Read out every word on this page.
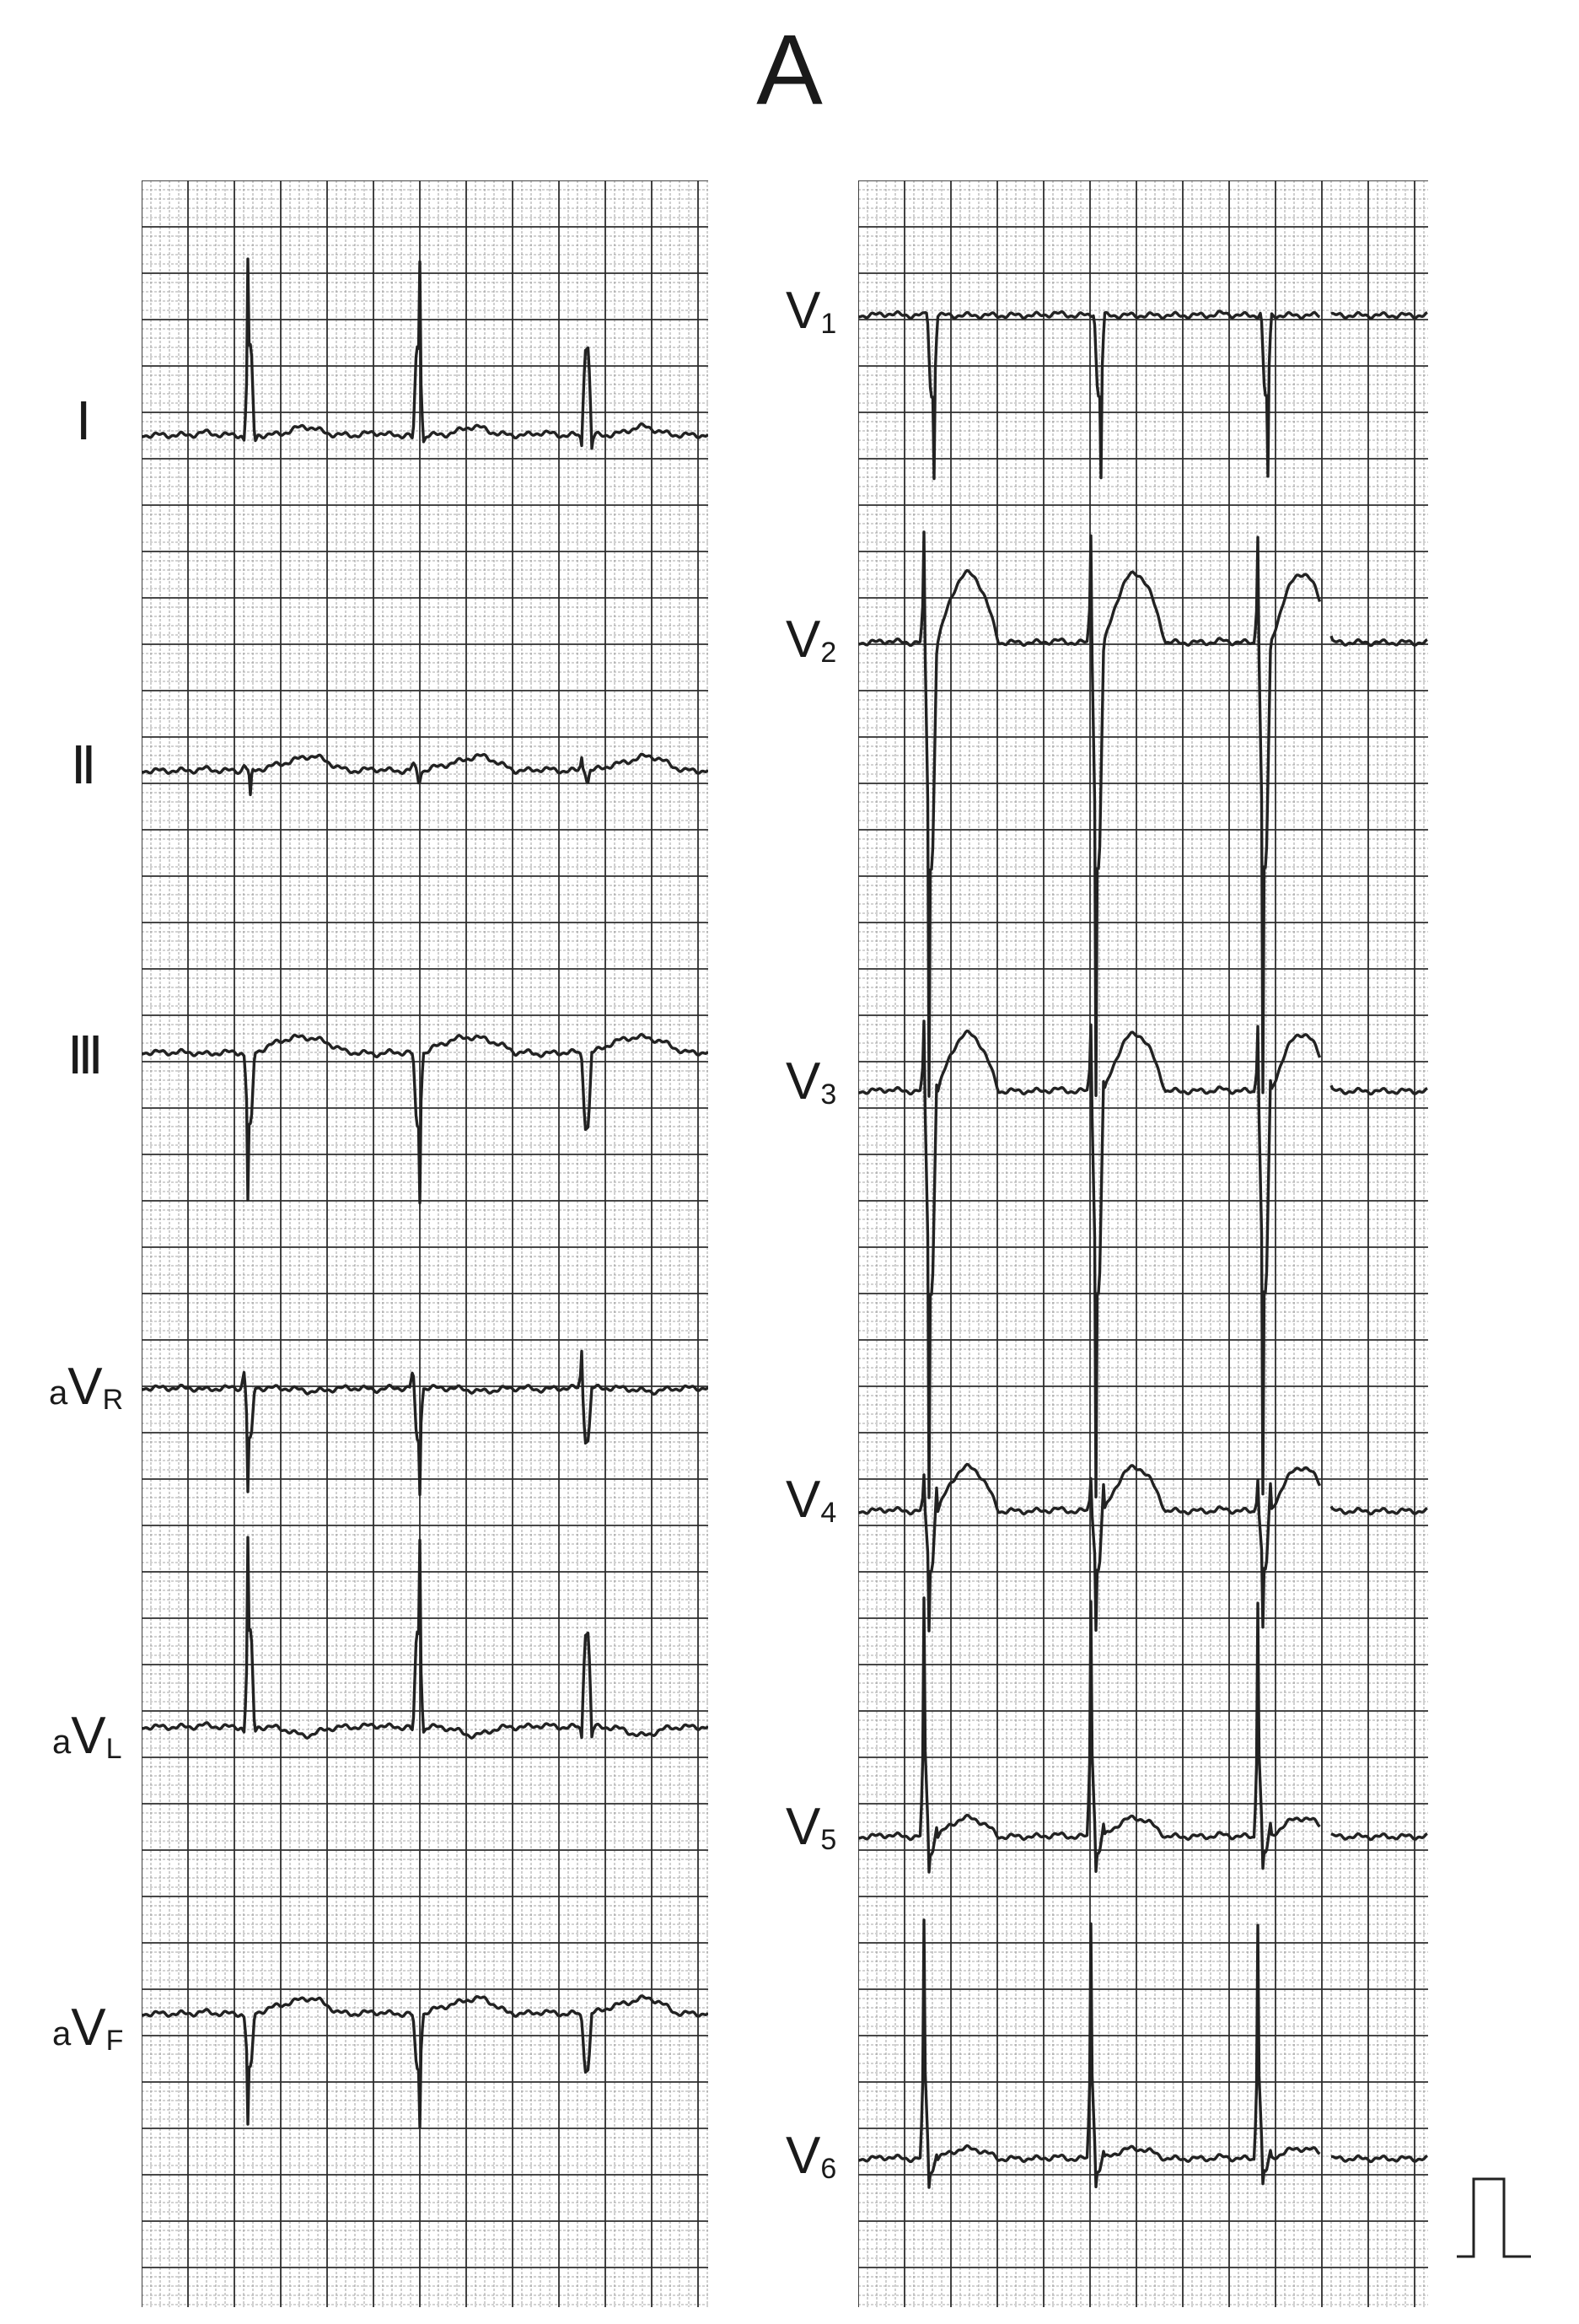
A
Ⅰ
Ⅱ
Ⅲ
aVR
aVL
aVF
V1
V2
V3
V4
V5
V6
